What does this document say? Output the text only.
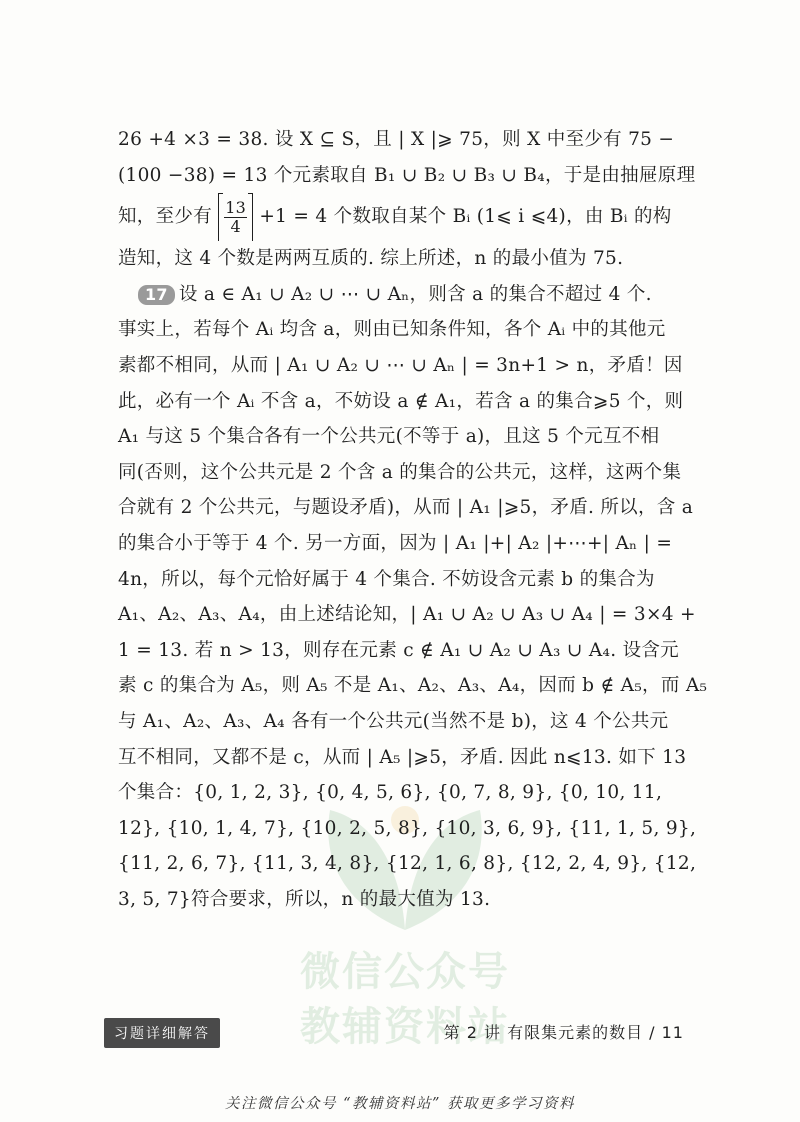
微信公众号
教辅资料站
26 +4 ×3 = 38. 设 X ⊆ S，且 | X |⩾ 75，则 X 中至少有 75 −
(100 −38) = 13 个元素取自 B₁ ∪ B₂ ∪ B₃ ∪ B₄，于是由抽屉原理
知，至少有 $\frac{13}{4} +1 = 4$ 个数取自某个 Bᵢ (1⩽ i ⩽4)，由 Bᵢ 的构
造知，这 4 个数是两两互质的. 综上所述，n 的最小值为 75.
17 设 a ∈ A₁ ∪ A₂ ∪ ⋯ ∪ Aₙ，则含 a 的集合不超过 4 个.
事实上，若每个 Aᵢ 均含 a，则由已知条件知，各个 Aᵢ 中的其他元
素都不相同，从而 | A₁ ∪ A₂ ∪ ⋯ ∪ Aₙ | = 3n+1 > n，矛盾！因
此，必有一个 Aᵢ 不含 a，不妨设 a ∉ A₁，若含 a 的集合⩾5 个，则
A₁ 与这 5 个集合各有一个公共元(不等于 a)，且这 5 个元互不相
同(否则，这个公共元是 2 个含 a 的集合的公共元，这样，这两个集
合就有 2 个公共元，与题设矛盾)，从而 | A₁ |⩾5，矛盾. 所以，含 a
的集合小于等于 4 个. 另一方面，因为 | A₁ |+| A₂ |+⋯+| Aₙ | =
4n，所以，每个元恰好属于 4 个集合. 不妨设含元素 b 的集合为
A₁、A₂、A₃、A₄，由上述结论知，| A₁ ∪ A₂ ∪ A₃ ∪ A₄ | = 3×4 +
1 = 13. 若 n > 13，则存在元素 c ∉ A₁ ∪ A₂ ∪ A₃ ∪ A₄. 设含元
素 c 的集合为 A₅，则 A₅ 不是 A₁、A₂、A₃、A₄，因而 b ∉ A₅，而 A₅
与 A₁、A₂、A₃、A₄ 各有一个公共元(当然不是 b)，这 4 个公共元
互不相同，又都不是 c，从而 | A₅ |⩾5，矛盾. 因此 n⩽13. 如下 13
个集合：{0, 1, 2, 3}, {0, 4, 5, 6}, {0, 7, 8, 9}, {0, 10, 11,
12}, {10, 1, 4, 7}, {10, 2, 5, 8}, {10, 3, 6, 9}, {11, 1, 5, 9},
{11, 2, 6, 7}, {11, 3, 4, 8}, {12, 1, 6, 8}, {12, 2, 4, 9}, {12,
3, 5, 7}符合要求，所以，n 的最大值为 13.
习题详细解答	第 2 讲 有限集元素的数目 / 11
关注微信公众号 “教辅资料站” 获取更多学习资料
